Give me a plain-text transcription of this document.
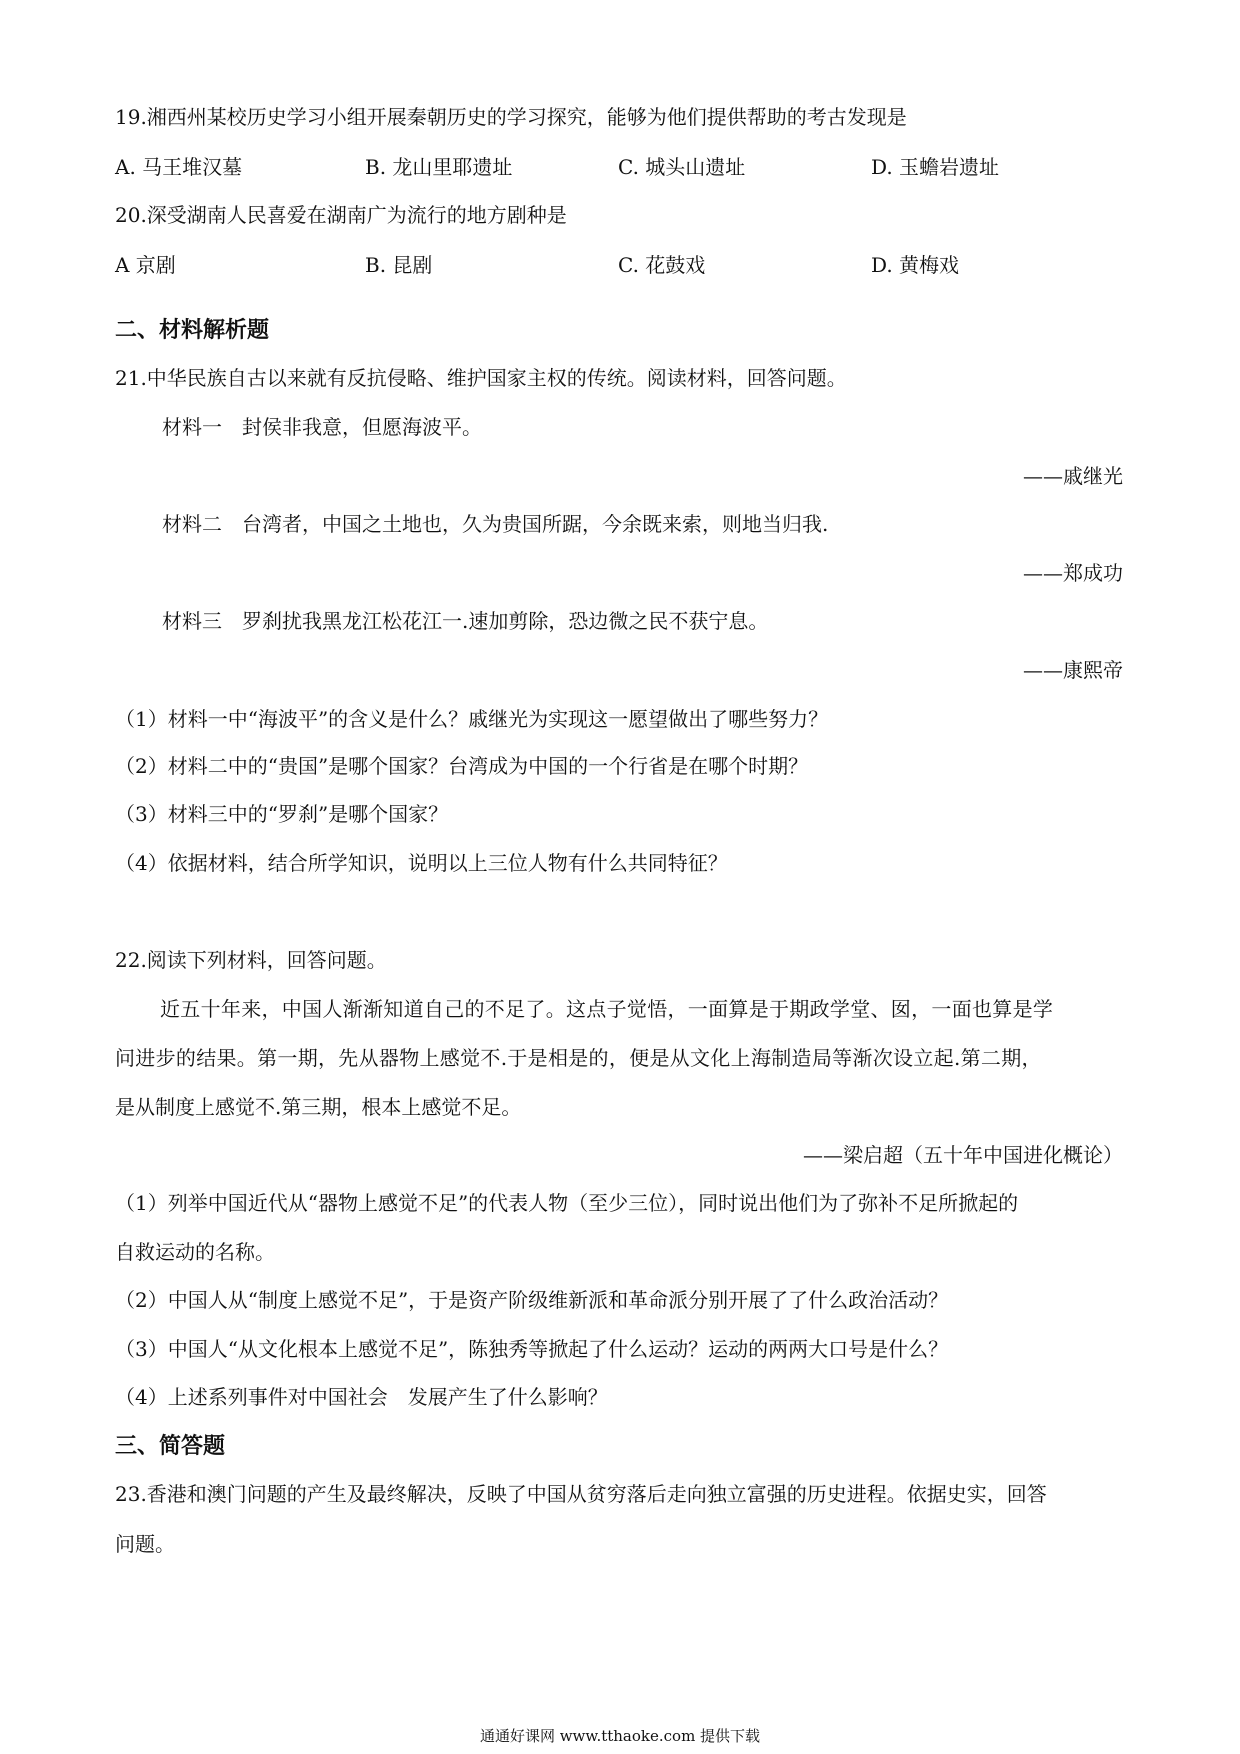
19.湘西州某校历史学习小组开展秦朝历史的学习探究，能够为他们提供帮助的考古发现是
A. 马王堆汉墓	B. 龙山里耶遗址	C. 城头山遗址	D. 玉蟾岩遗址
20.深受湖南人民喜爱在湖南广为流行的地方剧种是
A 京剧	B. 昆剧	C. 花鼓戏	D. 黄梅戏
二、材料解析题
21.中华民族自古以来就有反抗侵略、维护国家主权的传统。阅读材料，回答问题。
材料一　封侯非我意，但愿海波平。
——戚继光
材料二　台湾者，中国之土地也，久为贵国所踞，今余既来索，则地当归我.
——郑成功
材料三　罗刹扰我黑龙江松花江一.速加剪除，恐边微之民不获宁息。
——康熙帝
（1）材料一中“海波平”的含义是什么？戚继光为实现这一愿望做出了哪些努力？
（2）材料二中的“贵国”是哪个国家？台湾成为中国的一个行省是在哪个时期？
（3）材料三中的“罗刹”是哪个国家？
（4）依据材料，结合所学知识，说明以上三位人物有什么共同特征？
22.阅读下列材料，回答问题。
近五十年来，中国人渐渐知道自己的不足了。这点子觉悟，一面算是于期政学堂、囡，一面也算是学
问进步的结果。第一期，先从器物上感觉不.于是相是的，便是从文化上海制造局等渐次设立起.第二期，
是从制度上感觉不.第三期，根本上感觉不足。
——梁启超（五十年中国进化概论）
（1）列举中国近代从“器物上感觉不足”的代表人物（至少三位），同时说出他们为了弥补不足所掀起的
自救运动的名称。
（2）中国人从“制度上感觉不足”，于是资产阶级维新派和革命派分别开展了了什么政治活动？
（3）中国人“从文化根本上感觉不足”，陈独秀等掀起了什么运动？运动的两两大口号是什么？
（4）上述系列事件对中国社会　发展产生了什么影响？
三、简答题
23.香港和澳门问题的产生及最终解决，反映了中国从贫穷落后走向独立富强的历史进程。依据史实，回答
问题。
通通好课网 www.tthaoke.com 提供下载
